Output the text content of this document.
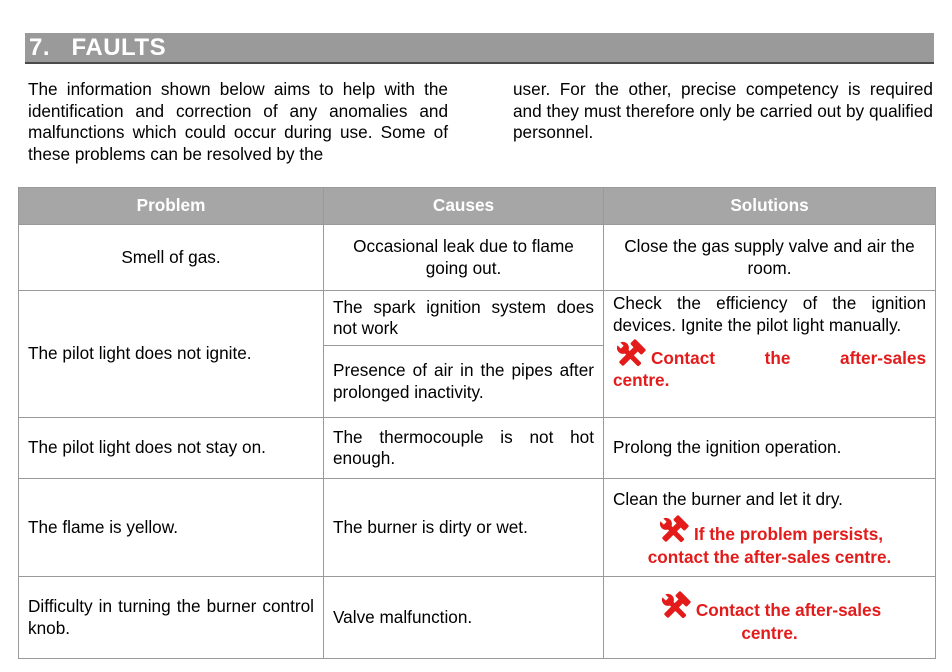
7. FAULTS

The information shown below aims to help with the identification and correction of any anomalies and malfunctions which could occur during use. Some of these problems can be resolved by the

user. For the other, precise competency is required and they must therefore only be carried out by qualified personnel.

Problem	Causes	Solutions
Smell of gas.	Occasional leak due to flame going out.	Close the gas supply valve and air the room.
The pilot light does not ignite.	The spark ignition system does not work	Check the efficiency of the ignition devices. Ignite the pilot light manually.
Contact the after-sales
centre.

	Presence of air in the pipes after prolonged inactivity.	
The pilot light does not stay on.	The thermocouple is not hot enough.	Prolong the ignition operation.
The flame is yellow.	The burner is dirty or wet.	Clean the burner and let it dry.
If the problem persists,
contact the after-sales centre.

Difficulty in turning the burner control knob.	Valve malfunction.	Contact the after-sales
centre.
